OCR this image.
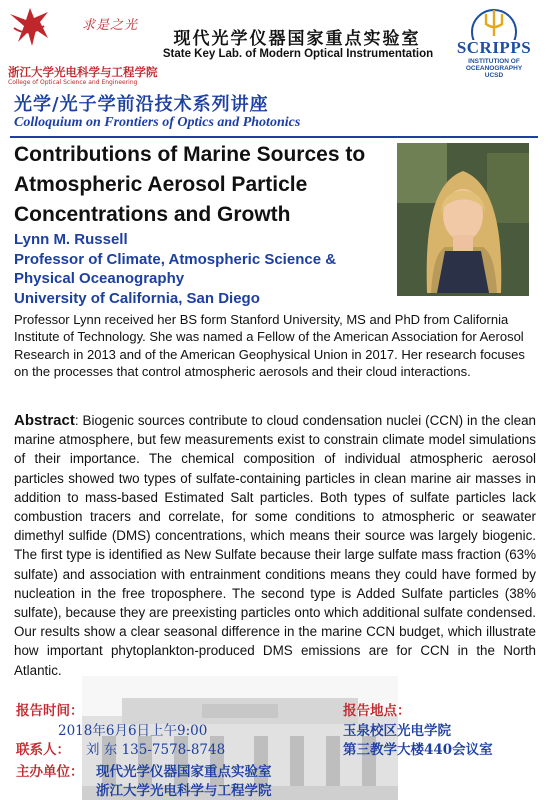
求是之光
浙江大学光电科学与工程学院
College of Optical Science and Engineering
现代光学仪器国家重点实验室
State Key Lab. of Modern Optical Instrumentation	SCRIPPS
INSTITUTION OF
OCEANOGRAPHY
UCSD
光学/光子学前沿技术系列讲座
Colloquium on Frontiers of Optics and Photonics
Contributions of Marine Sources to Atmospheric Aerosol Particle Concentrations and Growth
Lynn M. Russell
Professor of Climate, Atmospheric Science & Physical Oceanography
University of California, San Diego
Professor Lynn received her BS form Stanford University, MS and PhD from California Institute of Technology. She was named a Fellow of the American Association for Aerosol Research in 2013 and of the American Geophysical Union in 2017. Her research focuses on the processes that control atmospheric aerosols and their cloud interactions.
Abstract: Biogenic sources contribute to cloud condensation nuclei (CCN) in the clean marine atmosphere, but few measurements exist to constrain climate model simulations of their importance. The chemical composition of individual atmospheric aerosol particles showed two types of sulfate-containing particles in clean marine air masses in addition to mass-based Estimated Salt particles. Both types of sulfate particles lack combustion tracers and correlate, for some conditions to atmospheric or seawater dimethyl sulfide (DMS) concentrations, which means their source was largely biogenic. The first type is identified as New Sulfate because their large sulfate mass fraction (63% sulfate) and association with entrainment conditions means they could have formed by nucleation in the free troposphere. The second type is Added Sulfate particles (38% sulfate), because they are preexisting particles onto which additional sulfate condensed. Our results show a clear seasonal difference in the marine CCN budget, which illustrate how important phytoplankton-produced DMS emissions are for CCN in the North Atlantic.
报告时间：
2018年6月6日上午9:00
联系人： 刘 东 135-7578-8748
主办单位： 现代光学仪器国家重点实验室
浙江大学光电科学与工程学院
报告地点：
玉泉校区光电学院
第三教学大楼440会议室
